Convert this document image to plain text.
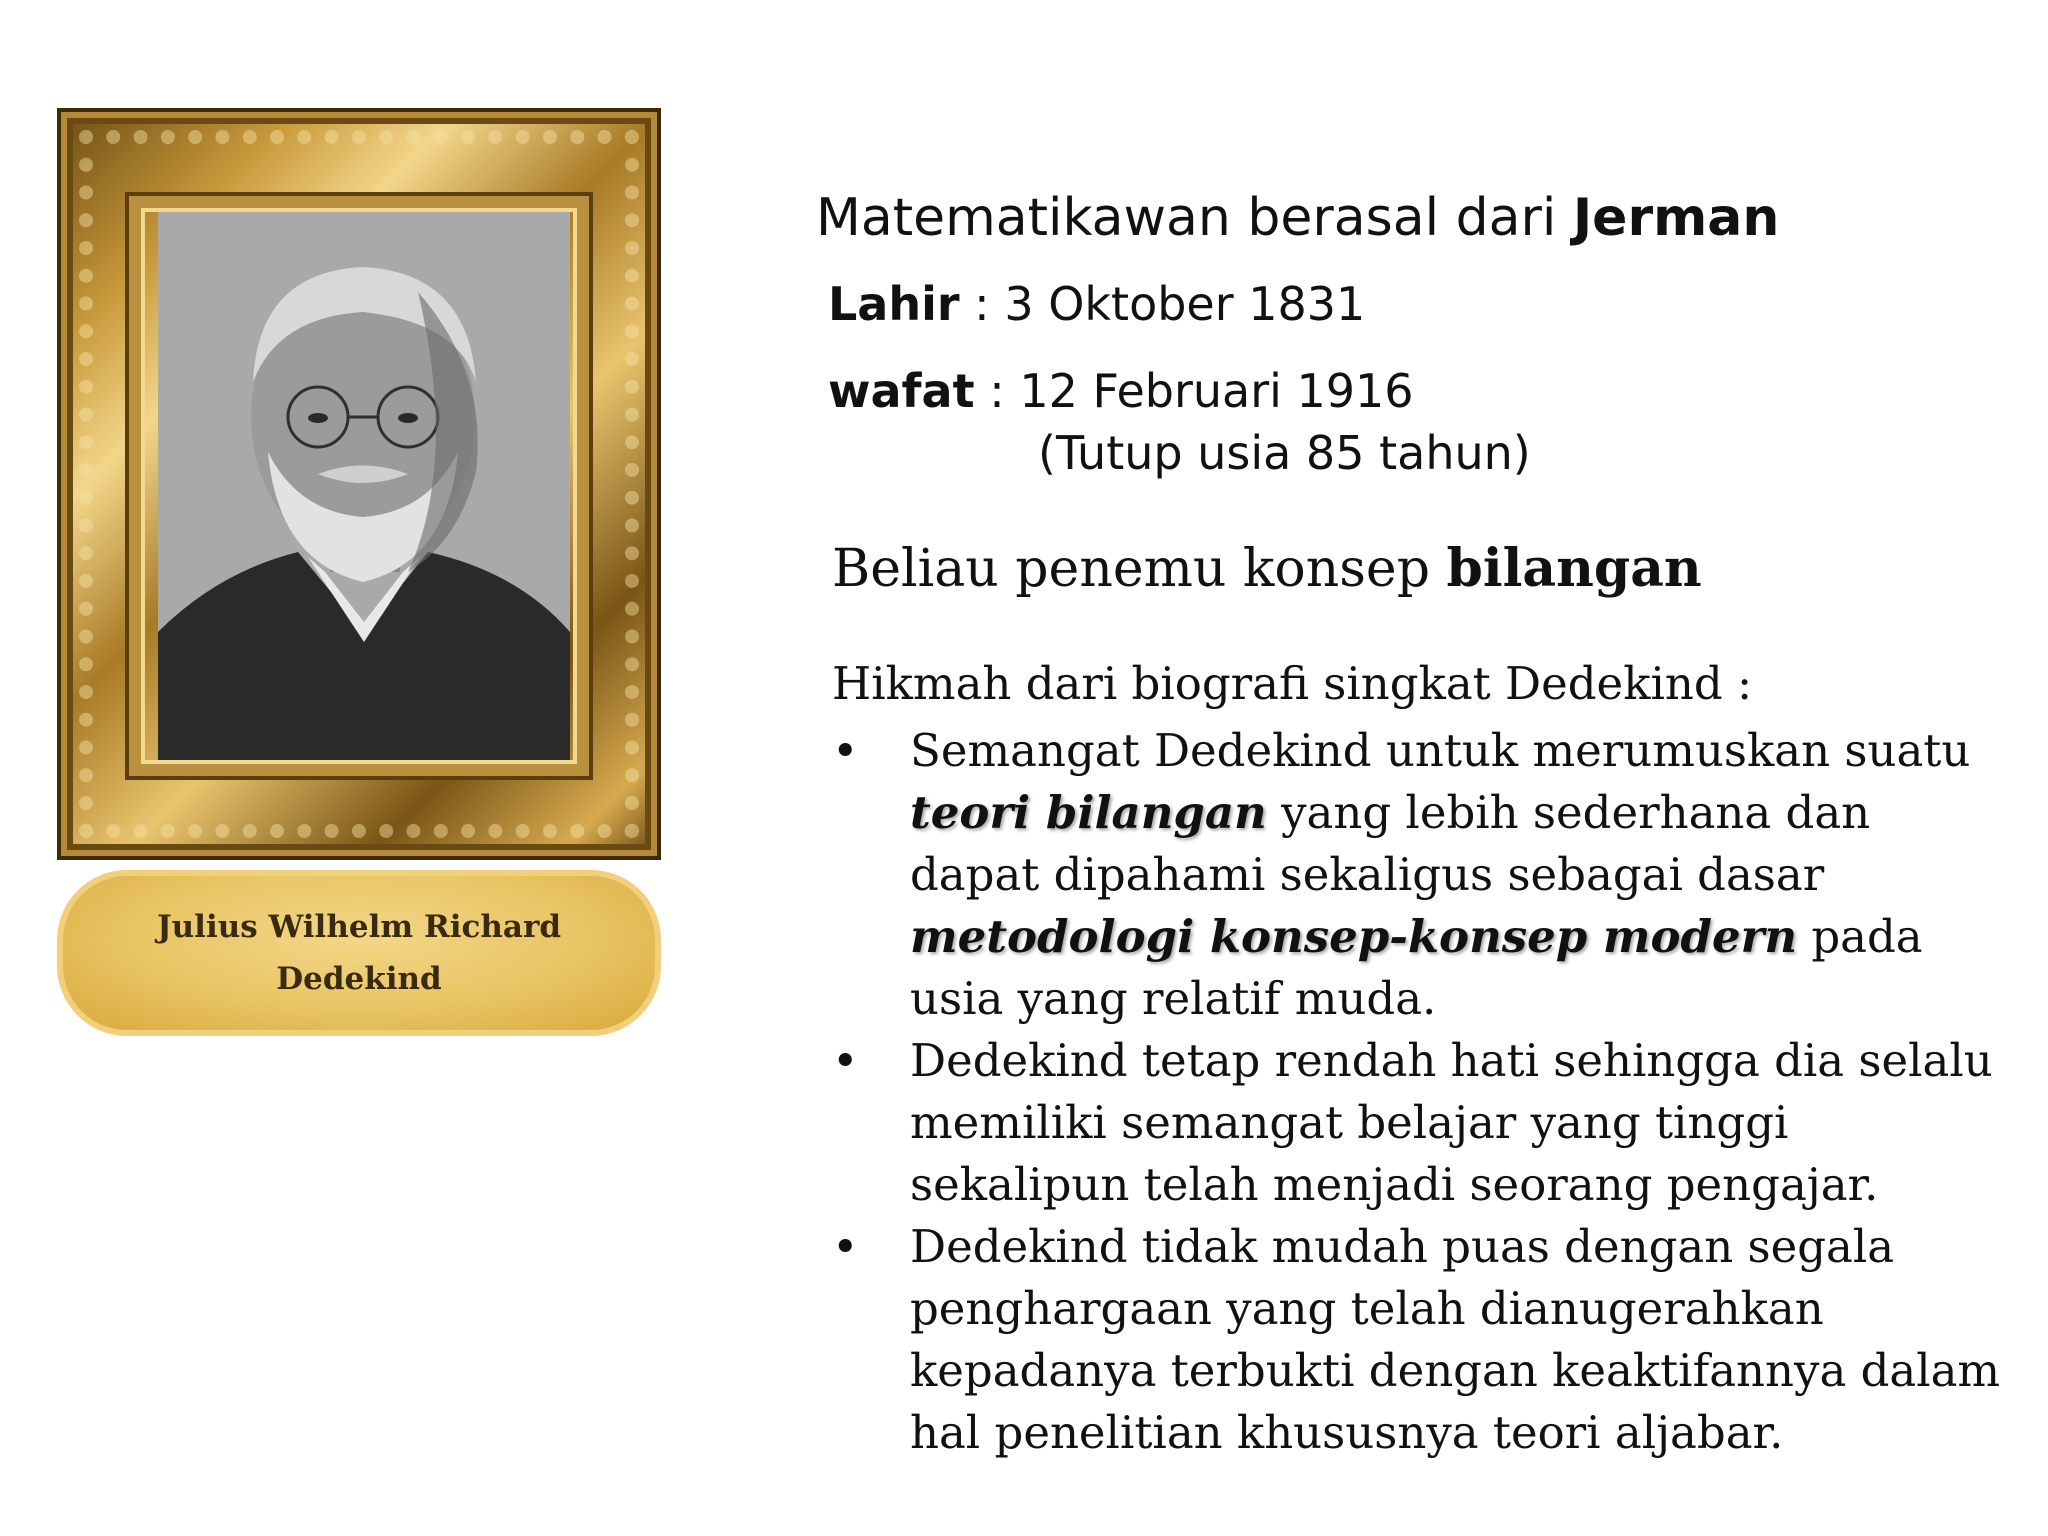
Julius Wilhelm Richard
Dedekind
Matematikawan berasal dari Jerman
Lahir : 3 Oktober 1831
wafat : 12 Februari 1916
(Tutup usia 85 tahun)
Beliau penemu konsep bilangan
Hikmah dari biografi singkat Dedekind :
• Semangat Dedekind untuk merumuskan suatu teori bilangan yang lebih sederhana dan dapat dipahami sekaligus sebagai dasar metodologi konsep-konsep modern pada usia yang relatif muda.
• Dedekind tetap rendah hati sehingga dia selalu memiliki semangat belajar yang tinggi sekalipun telah menjadi seorang pengajar.
• Dedekind tidak mudah puas dengan segala penghargaan yang telah dianugerahkan kepadanya terbukti dengan keaktifannya dalam hal penelitian khususnya teori aljabar.
